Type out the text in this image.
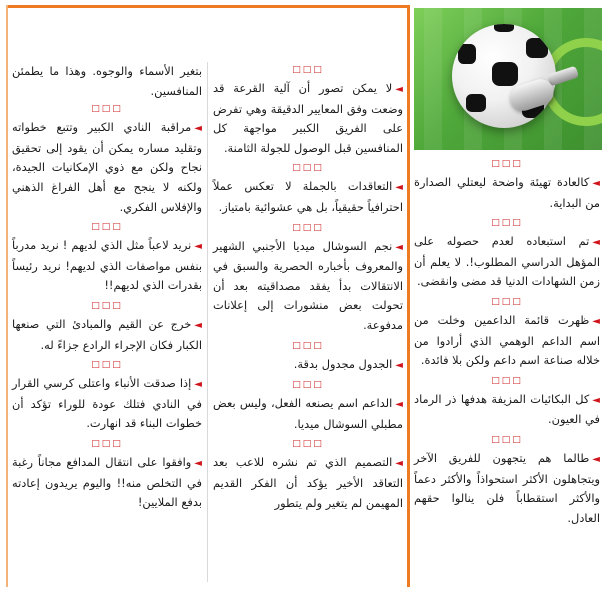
□□□
◄كالعادة تهيئة واضحة ليعتلي الصدارة من البداية.
□□□
◄تم استبعاده لعدم حصوله على المؤهل الدراسي المطلوب!. لا يعلم أن زمن الشهادات الدنيا قد مضى وانقضى.
□□□
◄ظهرت قائمة الداعمين وخلت من اسم الداعم الوهمي الذي أرادوا من خلاله صناعة اسم داعم ولكن بلا فائدة.
□□□
◄كل البكائيات المزيفة هدفها ذر الرماد في العيون.
□□□
◄طالما هم يتجهون للفريق الآخر ويتجاهلون الأكثر استحواذاً والأكثر دعماً والأكثر استقطاباً فلن ينالوا حقهم العادل.
□□□
◄لا يمكن تصور أن آلية القرعة قد وضعت وفق المعايير الدقيقة وهي تفرض على الفريق الكبير مواجهة كل المنافسين قبل الوصول للجولة الثامنة.
□□□
◄التعاقدات بالجملة لا تعكس عملاً احترافياً حقيقياً، بل هي عشوائية بامتياز.
□□□
◄نجم السوشال ميديا الأجنبي الشهير والمعروف بأخباره الحصرية والسبق في الانتقالات بدأ يفقد مصداقيته بعد أن تحولت بعض منشورات إلى إعلانات مدفوعة.
□□□
◄الجدول مجدول بدقة.
□□□
◄الداعم اسم يصنعه الفعل، وليس بعض مطبلي السوشال ميديا.
□□□
◄التصميم الذي تم نشره للاعب بعد التعاقد الأخير يؤكد أن الفكر القديم المهيمن لم يتغير ولم يتطور
بتغير الأسماء والوجوه. وهذا ما يطمئن المنافسين.
□□□
◄مراقبة النادي الكبير وتتبع خطواته وتقليد مساره يمكن أن يقود إلى تحقيق نجاح ولكن مع ذوي الإمكانيات الجيدة، ولكنه لا ينجح مع أهل الفراغ الذهني والإفلاس الفكري.
□□□
◄نريد لاعباً مثل الذي لديهم ! نريد مدرباً بنفس مواصفات الذي لديهم! نريد رئيساً بقدرات الذي لديهم!!
□□□
◄خرج عن القيم والمبادئ التي صنعها الكبار فكان الإجراء الرادع جزاءً له.
□□□
◄إذا صدقت الأنباء واعتلى كرسي القرار في النادي فتلك عودة للوراء تؤكد أن خطوات البناء قد انهارت.
□□□
◄وافقوا على انتقال المدافع مجاناً رغبة في التخلص منه!! واليوم يريدون إعادته بدفع الملايين!
